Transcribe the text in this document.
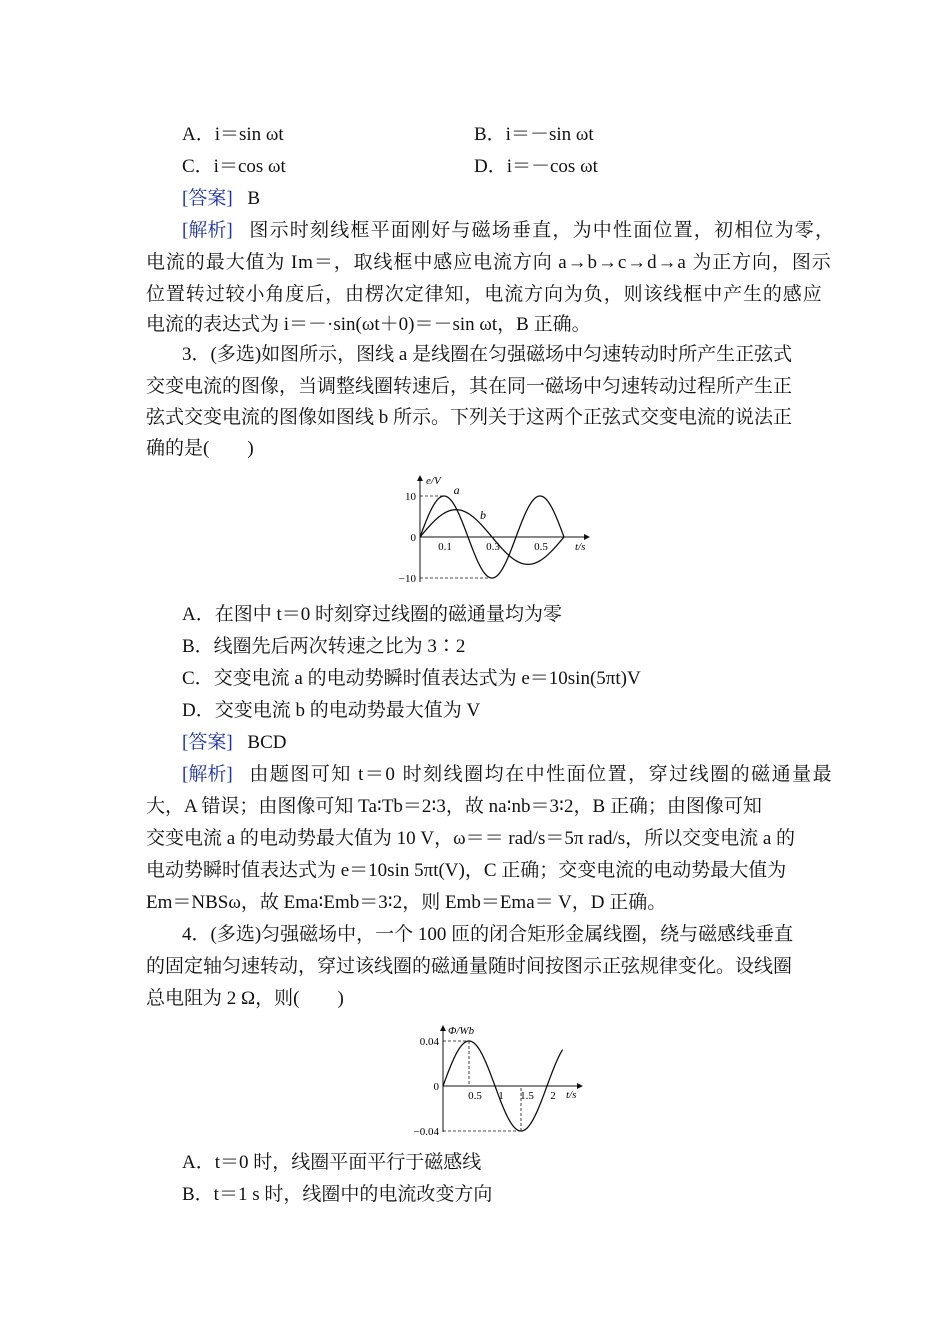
A．i＝sin ωt	B．i＝－sin ωt
C．i＝cos ωt	D．i＝－cos ωt
[答案] B
[解析] 图示时刻线框平面刚好与磁场垂直，为中性面位置，初相位为零，
电流的最大值为 Im＝，取线框中感应电流方向 a→b→c→d→a 为正方向，图示
位置转过较小角度后，由楞次定律知，电流方向为负，则该线框中产生的感应
电流的表达式为 i＝－·sin(ωt＋0)＝－sin ωt，B 正确。
3．(多选)如图所示，图线 a 是线圈在匀强磁场中匀速转动时所产生正弦式
交变电流的图像，当调整线圈转速后，其在同一磁场中匀速转动过程所产生正
弦式交变电流的图像如图线 b 所示。下列关于这两个正弦式交变电流的说法正
确的是(　　)
a
b
0.1	0.3	0.5
10
0
−10
t/s
e/V
A．在图中 t＝0 时刻穿过线圈的磁通量均为零
B．线圈先后两次转速之比为 3∶2
C．交变电流 a 的电动势瞬时值表达式为 e＝10sin(5πt)V
D．交变电流 b 的电动势最大值为 V
[答案] BCD
[解析] 由题图可知 t＝0 时刻线圈均在中性面位置，穿过线圈的磁通量最
大，A 错误；由图像可知 Ta∶Tb＝2∶3，故 na∶nb＝3∶2，B 正确；由图像可知
交变电流 a 的电动势最大值为 10 V，ω＝＝ rad/s＝5π rad/s，所以交变电流 a 的
电动势瞬时值表达式为 e＝10sin 5πt(V)，C 正确；交变电流的电动势最大值为
Em＝NBSω，故 Ema∶Emb＝3∶2，则 Emb＝Ema＝ V，D 正确。
4．(多选)匀强磁场中，一个 100 匝的闭合矩形金属线圈，绕与磁感线垂直
的固定轴匀速转动，穿过该线圈的磁通量随时间按图示正弦规律变化。设线圈
总电阻为 2 Ω，则(　　)
0.5 1 1.5 2
0.04
0
−0.04
t/s
Φ/Wb
A．t＝0 时，线圈平面平行于磁感线
B．t＝1 s 时，线圈中的电流改变方向
